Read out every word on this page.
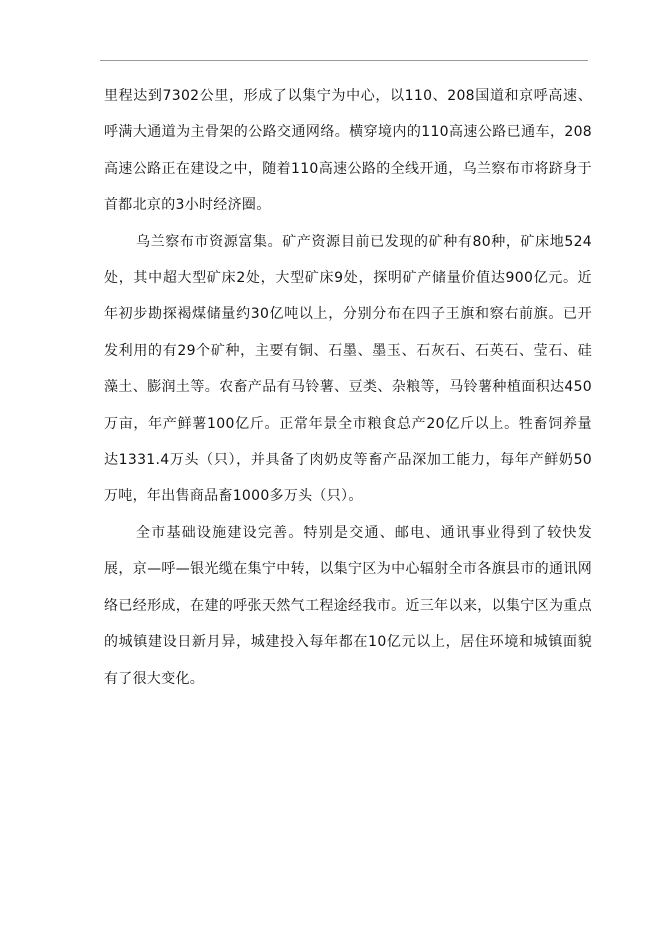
里程达到7302公里，形成了以集宁为中心，以110、208国道和京呼高速、呼满大通道为主骨架的公路交通网络。横穿境内的110高速公路已通车，208高速公路正在建设之中，随着110高速公路的全线开通，乌兰察布市将跻身于首都北京的3小时经济圈。

乌兰察布市资源富集。矿产资源目前已发现的矿种有80种，矿床地524处，其中超大型矿床2处，大型矿床9处，探明矿产储量价值达900亿元。近年初步勘探褐煤储量约30亿吨以上，分别分布在四子王旗和察右前旗。已开发利用的有29个矿种，主要有铜、石墨、墨玉、石灰石、石英石、莹石、硅藻土、膨润土等。农畜产品有马铃薯、豆类、杂粮等，马铃薯种植面积达450万亩，年产鲜薯100亿斤。正常年景全市粮食总产20亿斤以上。牲畜饲养量达1331.4万头（只），并具备了肉奶皮等畜产品深加工能力，每年产鲜奶50万吨，年出售商品畜1000多万头（只）。

全市基础设施建设完善。特别是交通、邮电、通讯事业得到了较快发展，京—呼—银光缆在集宁中转，以集宁区为中心辐射全市各旗县市的通讯网络已经形成，在建的呼张天然气工程途经我市。近三年以来，以集宁区为重点的城镇建设日新月异，城建投入每年都在10亿元以上，居住环境和城镇面貌有了很大变化。
